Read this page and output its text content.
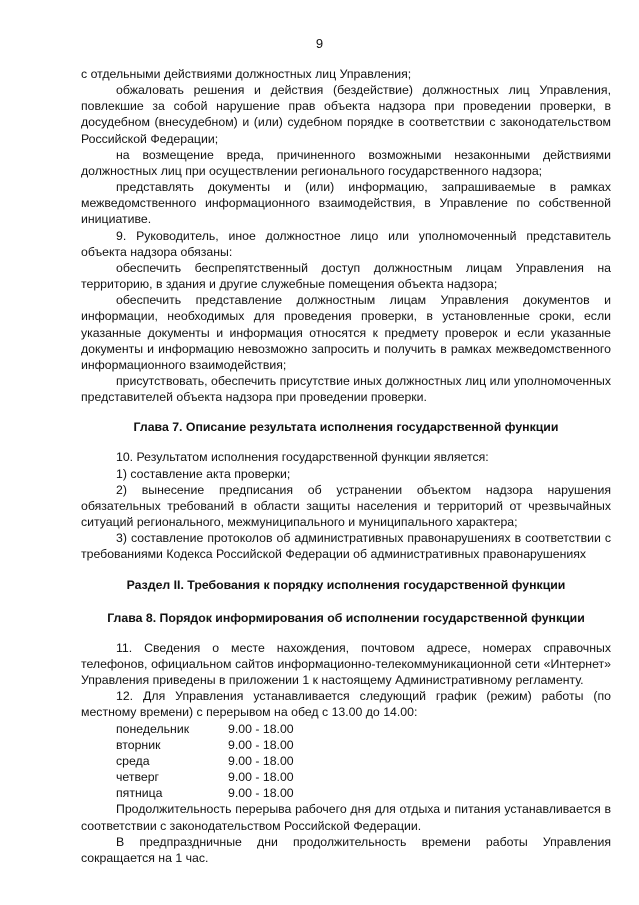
9

с отдельными действиями должностных лиц Управления;

обжаловать решения и действия (бездействие) должностных лиц Управления, повлекшие за собой нарушение прав объекта надзора при проведении проверки, в досудебном (внесудебном) и (или) судебном порядке в соответствии с законодательством Российской Федерации;

на возмещение вреда, причиненного возможными незаконными действиями должностных лиц при осуществлении регионального государственного надзора;

представлять документы и (или) информацию, запрашиваемые в рамках межведомственного информационного взаимодействия, в Управление по собственной инициативе.

9. Руководитель, иное должностное лицо или уполномоченный представитель объекта надзора обязаны:

обеспечить беспрепятственный доступ должностным лицам Управления на территорию, в здания и другие служебные помещения объекта надзора;

обеспечить представление должностным лицам Управления документов и информации, необходимых для проведения проверки, в установленные сроки, если указанные документы и информация относятся к предмету проверок и если указанные документы и информацию невозможно запросить и получить в рамках межведомственного информационного взаимодействия;

присутствовать, обеспечить присутствие иных должностных лиц или уполномоченных представителей объекта надзора при проведении проверки.

Глава 7. Описание результата исполнения государственной функции

10. Результатом исполнения государственной функции является:

1) составление акта проверки;

2) вынесение предписания об устранении объектом надзора нарушения обязательных требований в области защиты населения и территорий от чрезвычайных ситуаций регионального, межмуниципального и муниципального характера;

3) составление протоколов об административных правонарушениях в соответствии с требованиями Кодекса Российской Федерации об административных правонарушениях

Раздел II. Требования к порядку исполнения государственной функции

Глава 8. Порядок информирования об исполнении государственной функции

11. Сведения о месте нахождения, почтовом адресе, номерах справочных телефонов, официальном сайтов информационно-телекоммуникационной сети «Интернет» Управления приведены в приложении 1 к настоящему Административному регламенту.

12. Для Управления устанавливается следующий график (режим) работы (по местному времени) с перерывом на обед с 13.00 до 14.00:

понедельник	9.00 - 18.00
вторник	9.00 - 18.00
среда	9.00 - 18.00
четверг	9.00 - 18.00
пятница	9.00 - 18.00

Продолжительность перерыва рабочего дня для отдыха и питания устанавливается в соответствии с законодательством Российской Федерации.

В предпраздничные дни продолжительность времени работы Управления сокращается на 1 час.
